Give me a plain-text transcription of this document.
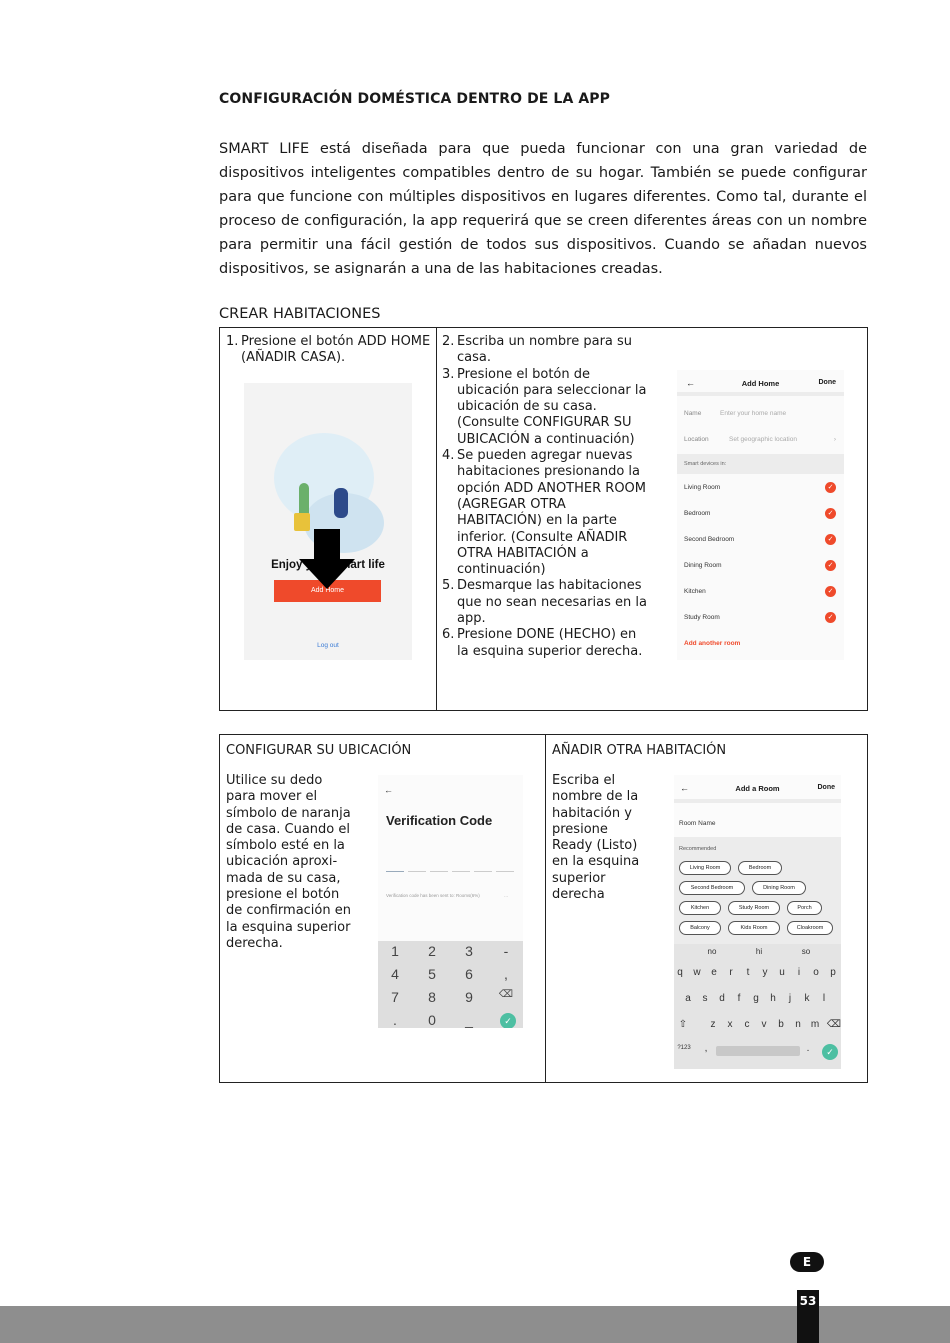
CONFIGURACIÓN DOMÉSTICA DENTRO DE LA APP

SMART LIFE está diseñada para que pueda funcionar con una gran variedad de dispositivos inteligentes compatibles dentro de su hogar. También se puede configurar para que funcione con múltiples dispositivos en lugares diferentes. Como tal, durante el proceso de configuración, la app requerirá que se creen diferentes áreas con un nombre para permitir una fácil gestión de todos sus dispositivos. Cuando se añadan nuevos dispositivos, se asignarán a una de las habitaciones creadas.

CREAR HABITACIONES
1. Presione el botón ADD HOME (AÑADIR CASA).
Enjoy your smart life
Add Home
Log out
2. Escriba un nombre para su casa.
3. Presione el botón de ubicación para seleccionar la ubicación de su casa. (Consulte CONFIGURAR SU UBICACIÓN a continuación)
4. Se pueden agregar nuevas habitaciones presionando la opción ADD ANOTHER ROOM (AGREGAR OTRA HABITACIÓN) en la parte inferior. (Consulte AÑADIR OTRA HABITACIÓN a continuación)
5. Desmarque las habitaciones que no sean necesarias en la app.
6. Presione DONE (HECHO) en la esquina superior derecha.
←	Add Home	Done
Name	Enter your home name
Location	Set geographic location	›
Smart devices in:
Living Room	✓
Bedroom	✓
Second Bedroom	✓
Dining Room	✓
Kitchen	✓
Study Room	✓
Add another room
CONFIGURAR SU UBICACIÓN
Utilice su dedo para mover el símbolo de naranja de casa. Cuando el símbolo esté en la ubicación aproxi-mada de su casa, presione el botón de confirmación en la esquina superior derecha.
←
Verification Code
Verification code has been sent to: Rooms(6%)	...
1	2	3	-
4	5	6	,
7	8	9	⌫
.	0	_	✓
AÑADIR OTRA HABITACIÓN
Escriba el nombre de la habitación y presione Ready (Listo) en la esquina superior derecha
←	Add a Room	Done
Room Name
Recommended
Living Room	Bedroom
Second Bedroom	Dining Room
Kitchen	Study Room	Porch
Balcony	Kids Room	Cloakroom
no	hi	so
q	w	e	r	t	y	u	i	o	p
a	s	d	f	g	h	j	k	l
⇧	z	x	c	v	b	n	m ⌫
?123	,	.	✓
E
53
